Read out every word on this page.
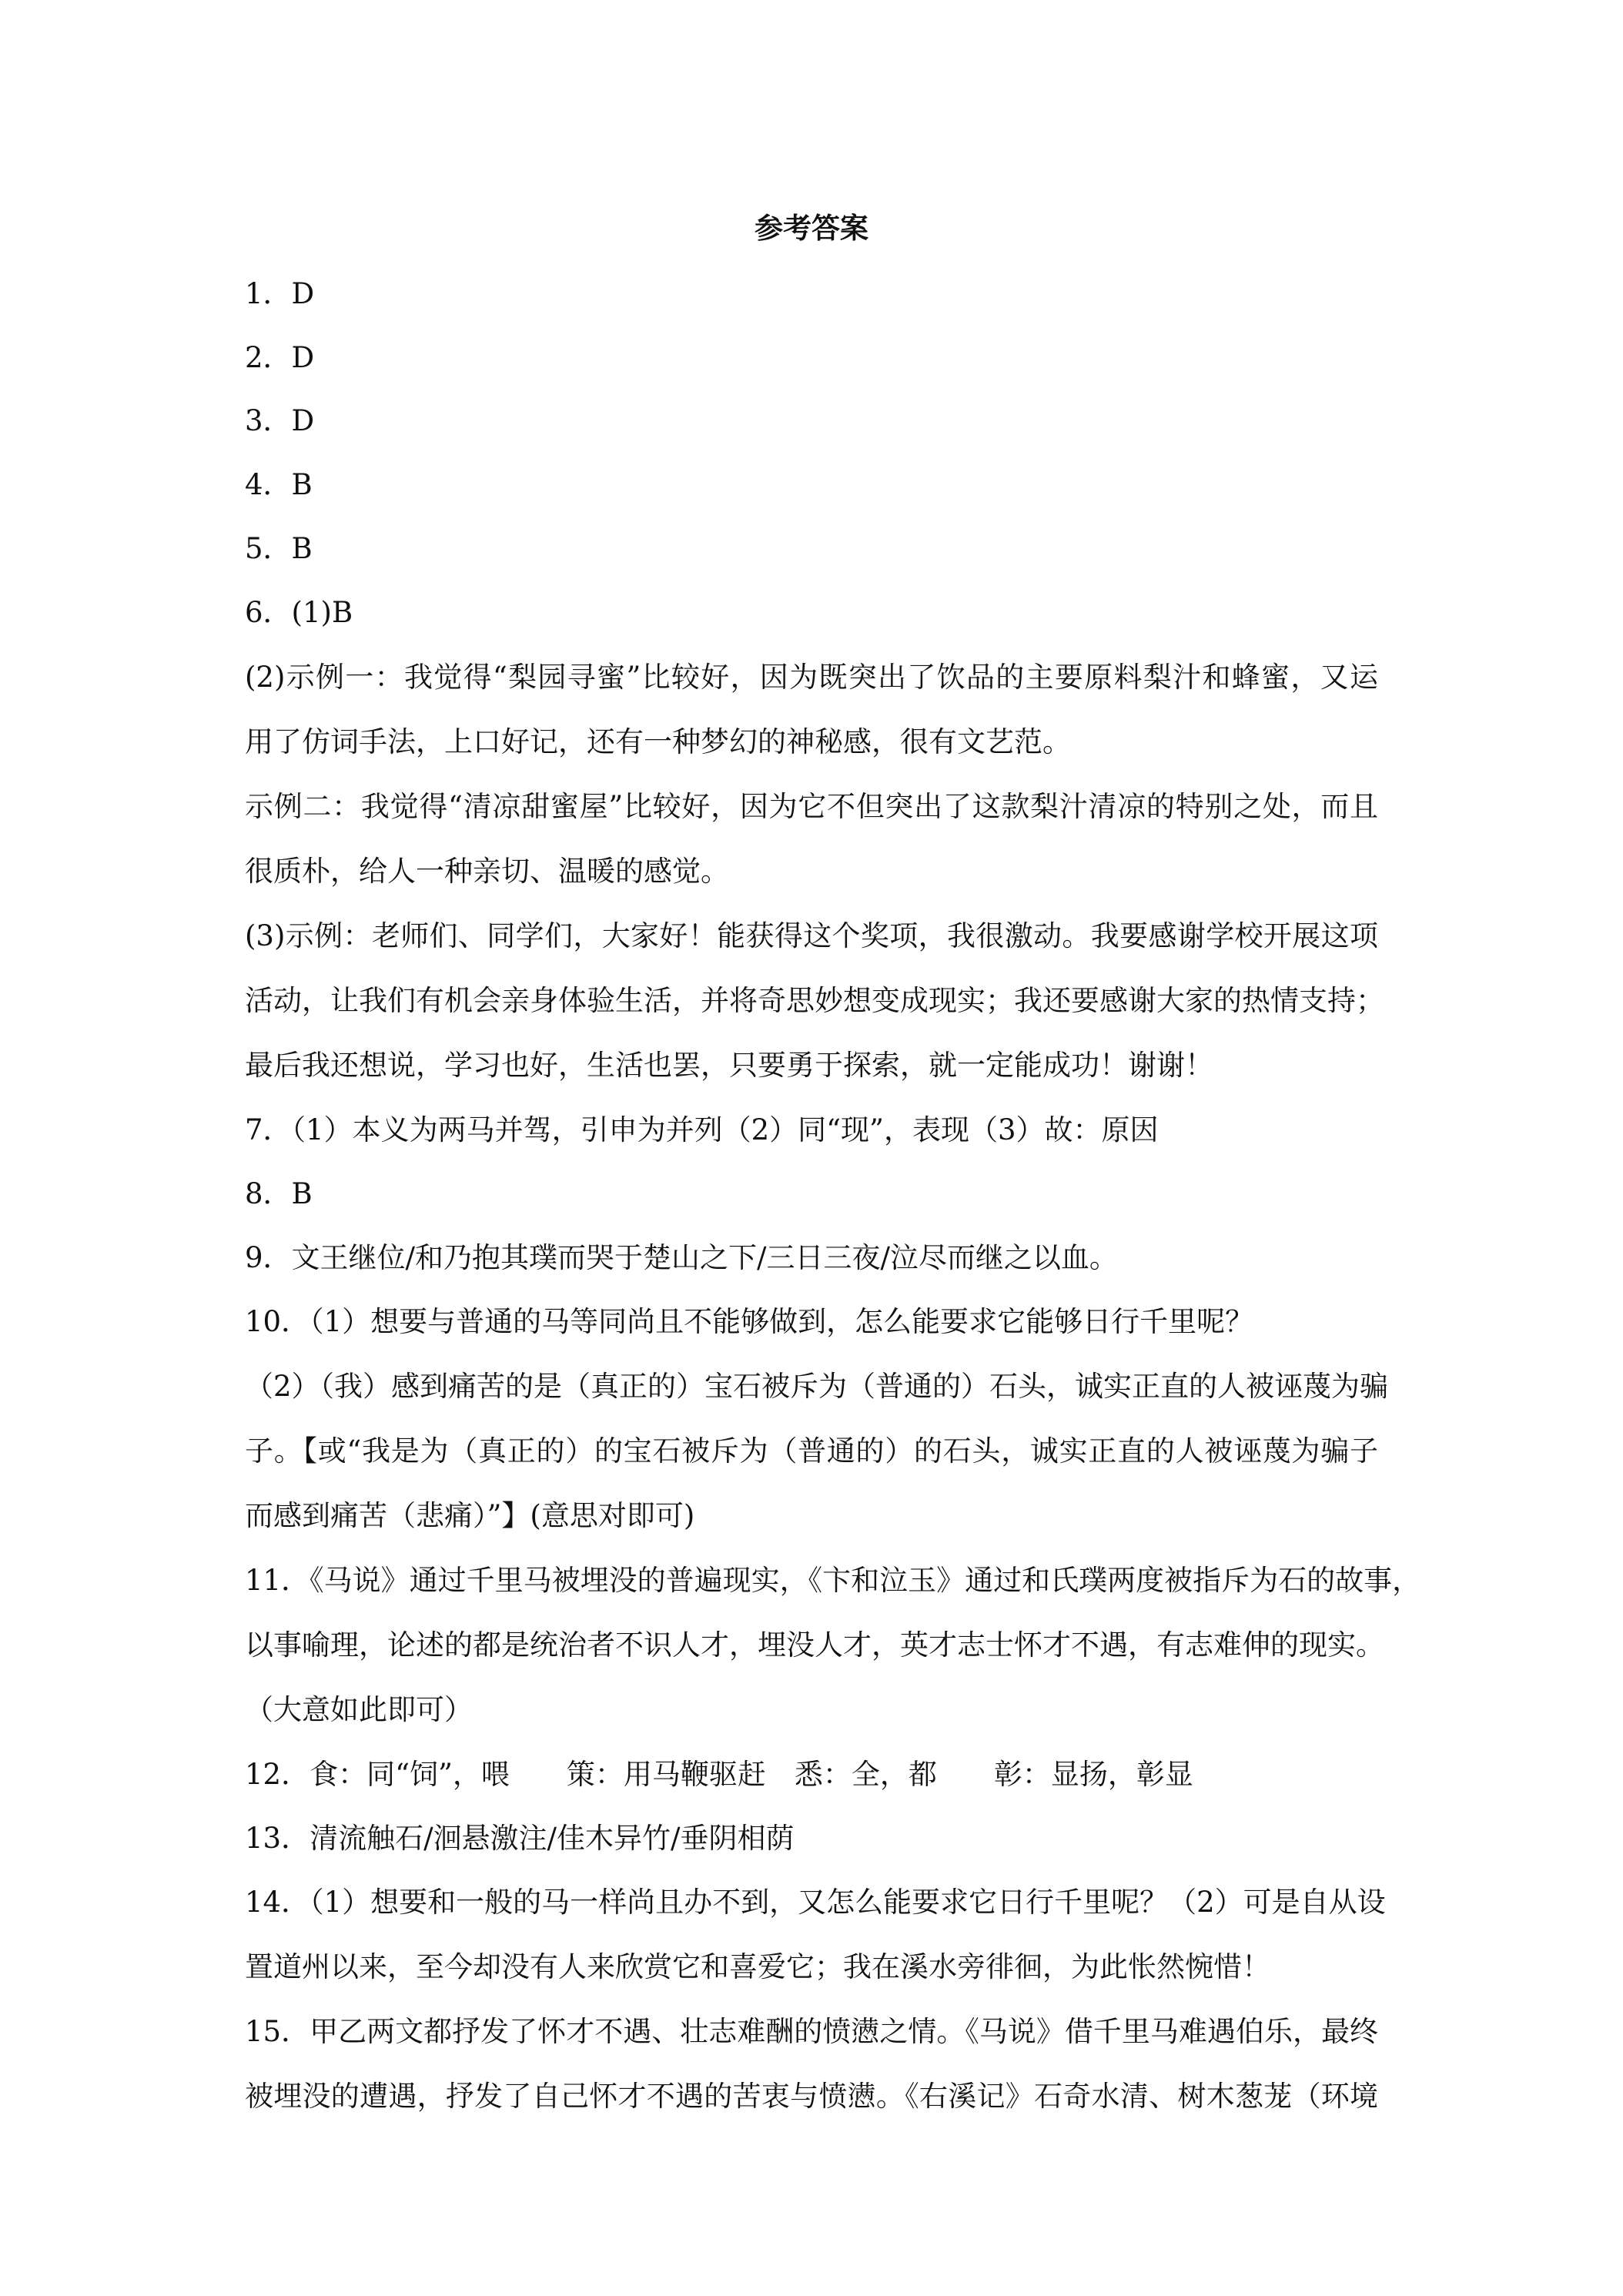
参考答案
1．D
2．D
3．D
4．B
5．B
6．(1)B
(2)示例一：我觉得“梨园寻蜜”比较好，因为既突出了饮品的主要原料梨汁和蜂蜜，又运
用了仿词手法，上口好记，还有一种梦幻的神秘感，很有文艺范。
示例二：我觉得“清凉甜蜜屋”比较好，因为它不但突出了这款梨汁清凉的特别之处，而且
很质朴，给人一种亲切、温暖的感觉。
(3)示例：老师们、同学们，大家好！能获得这个奖项，我很激动。我要感谢学校开展这项
活动，让我们有机会亲身体验生活，并将奇思妙想变成现实；我还要感谢大家的热情支持；
最后我还想说，学习也好，生活也罢，只要勇于探索，就一定能成功！谢谢！
7．（1）本义为两马并驾，引申为并列（2）同“现”，表现（3）故：原因
8．B
9．文王继位/和乃抱其璞而哭于楚山之下/三日三夜/泣尽而继之以血。
10．（1）想要与普通的马等同尚且不能够做到，怎么能要求它能够日行千里呢？
（2）（我）感到痛苦的是（真正的）宝石被斥为（普通的）石头，诚实正直的人被诬蔑为骗
子。【或“我是为（真正的）的宝石被斥为（普通的）的石头，诚实正直的人被诬蔑为骗子
而感到痛苦（悲痛）”】(意思对即可)
11．《马说》通过千里马被埋没的普遍现实，《卞和泣玉》通过和氏璞两度被指斥为石的故事，
以事喻理，论述的都是统治者不识人才，埋没人才，英才志士怀才不遇，有志难伸的现实。
（大意如此即可）
12．食：同“饲”，喂　　策：用马鞭驱赶　悉：全，都　　彰：显扬，彰显
13．清流触石/洄悬激注/佳木异竹/垂阴相荫
14．（1）想要和一般的马一样尚且办不到，又怎么能要求它日行千里呢？（2）可是自从设
置道州以来，至今却没有人来欣赏它和喜爱它；我在溪水旁徘徊，为此怅然惋惜！
15．甲乙两文都抒发了怀才不遇、壮志难酬的愤懑之情。《马说》借千里马难遇伯乐，最终
被埋没的遭遇，抒发了自己怀才不遇的苦衷与愤懑。《右溪记》石奇水清、树木葱茏（环境
